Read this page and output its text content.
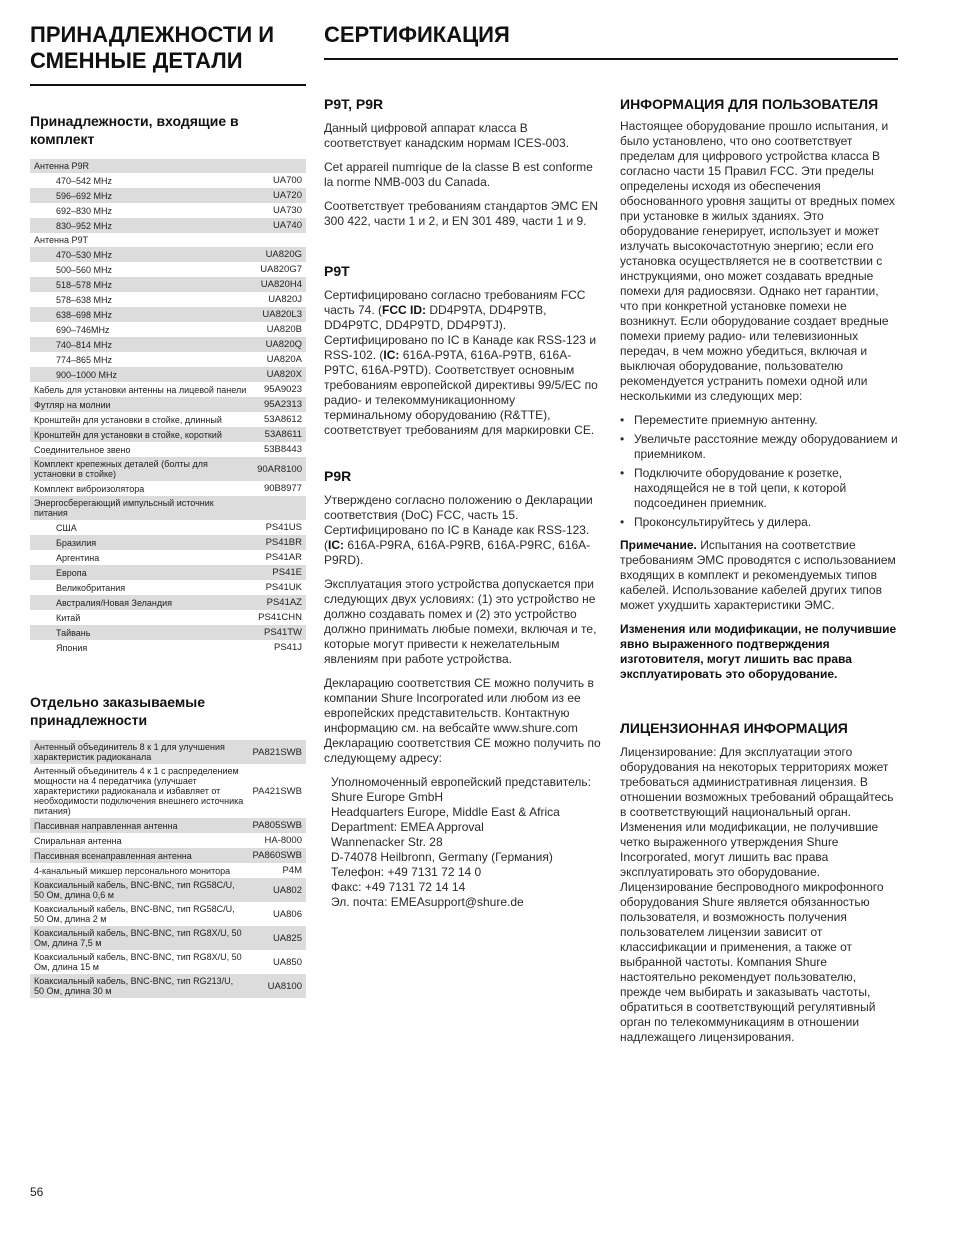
ПРИНАДЛЕЖНОСТИ И
СМЕННЫЕ ДЕТАЛИ
СЕРТИФИКАЦИЯ
Принадлежности, входящие в комплект
Антенна P9R	
470–542 MHz	UA700
596–692 MHz	UA720
692–830 MHz	UA730
830–952 MHz	UA740
Антенна P9T	
470–530 MHz	UA820G
500–560 MHz	UA820G7
518–578 MHz	UA820H4
578–638 MHz	UA820J
638–698 MHz	UA820L3
690–746MHz	UA820B
740–814 MHz	UA820Q
774–865 MHz	UA820A
900–1000 MHz	UA820X
Кабель для установки антенны на лицевой панели	95A9023
Футляр на молнии	95A2313
Кронштейн для установки в стойке, длинный	53A8612
Кронштейн для установки в стойке, короткий	53A8611
Соединительное звено	53B8443
Комплект крепежных деталей (болты для установки в стойке)	90AR8100
Комплект виброизолятора	90B8977
Энергосберегающий импульсный источник питания	
США	PS41US
Бразилия	PS41BR
Аргентина	PS41AR
Европа	PS41E
Великобритания	PS41UK
Австралия/Новая Зеландия	PS41AZ
Китай	PS41CHN
Тайвань	PS41TW
Япония	PS41J
Отдельно заказываемые принадлежности
Антенный объединитель 8 к 1 для улучшения характеристик радиоканала	PA821SWB
Антенный объединитель 4 к 1 с распределением мощности на 4 передатчика (улучшает характеристики радиоканала и избавляет от необходимости подключения внешнего источника питания)	PA421SWB
Пассивная направленная антенна	PA805SWB
Спиральная антенна	HA-8000
Пассивная всенаправленная антенна	PA860SWB
4-канальный микшер персонального мониторa	P4M
Коаксиальный кабель, BNC-BNC, тип RG58C/U, 50 Ом, длина 0,6 м	UA802
Коаксиальный кабель, BNC-BNC, тип RG58C/U, 50 Ом, длина 2 м	UA806
Коаксиальный кабель, BNC-BNC, тип RG8X/U, 50 Ом, длина 7,5 м	UA825
Коаксиальный кабель, BNC-BNC, тип RG8X/U, 50 Ом, длина 15 м	UA850
Коаксиальный кабель, BNC-BNC, тип RG213/U, 50 Ом, длина 30 м	UA8100
P9T, P9R

Данный цифровой аппарат класса B соответствует канадским нормам ICES-003.

Cet appareil numrique de la classe B est conforme la norme NMB-003 du Canada.

Соответствует требованиям стандартов ЭМС EN 300 422, части 1 и 2, и EN 301 489, части 1 и 9.

P9T

Сертифицировано согласно требованиям FCC часть 74. (FCC ID: DD4P9TA, DD4P9TB, DD4P9TC, DD4P9TD, DD4P9TJ). Сертифицировано по IC в Канаде как RSS-123 и RSS-102. (IC: 616A-P9TA, 616A-P9TB, 616A-P9TC, 616A-P9TD). Соответствует основным требованиям европейской директивы 99/5/EC по радио- и телекоммуникационному терминальному оборудованию (R&TTE), соответствует требованиям для маркировки CE.

P9R

Утверждено согласно положению о Декларации соответствия (DoC) FCC, часть 15. Сертифицировано по IC в Канаде как RSS-123. (IC: 616A-P9RA, 616A-P9RB, 616A-P9RC, 616A-P9RD).

Эксплуатация этого устройства допускается при следующих двух условиях: (1) это устройство не должно создавать помех и (2) это устройство должно принимать любые помехи, включая и те, которые могут привести к нежелательным явлениям при работе устройства.

Декларацию соответствия CE можно получить в компании Shure Incorporated или любом из ее европейских представительств. Контактную информацию см. на вебсайте www.shure.com Декларацию соответствия CE можно получить по следующему адресу:

Уполномоченный европейский представитель:
Shure Europe GmbH
Headquarters Europe, Middle East & Africa
Department: EMEA Approval
Wannenacker Str. 28
D-74078 Heilbronn, Germany (Германия)
Телефон: +49 7131 72 14 0
Факс: +49 7131 72 14 14
Эл. почта: EMEAsupport@shure.de
ИНФОРМАЦИЯ ДЛЯ ПОЛЬЗОВАТЕЛЯ

Настоящее оборудование прошло испытания, и было установлено, что оно соответствует пределам для цифрового устройства класса B согласно части 15 Правил FCC. Эти пределы определены исходя из обеспечения обоснованного уровня защиты от вредных помех при установке в жилых зданиях. Это оборудование генерирует, использует и может излучать высокочастотную энергию; если его установка осуществляется не в соответствии с инструкциями, оно может создавать вредные помехи для радиосвязи. Однако нет гарантии, что при конкретной установке помехи не возникнут. Если оборудование создает вредные помехи приему радио- или телевизионных передач, в чем можно убедиться, включая и выключая оборудование, пользователю рекомендуется устранить помехи одной или несколькими из следующих мер:

• Переместите приемную антенну.
• Увеличьте расстояние между оборудованием и приемником.
• Подключите оборудование к розетке, находящейся не в той цепи, к которой подсоединен приемник.
• Проконсультируйтесь у дилера.

Примечание. Испытания на соответствие требованиям ЭМС проводятся с использованием входящих в комплект и рекомендуемых типов кабелей. Использование кабелей других типов может ухудшить характеристики ЭМС.

Изменения или модификации, не получившие явно выраженного подтверждения изготовителя, могут лишить вас права эксплуатировать это оборудование.

ЛИЦЕНЗИОННАЯ ИНФОРМАЦИЯ

Лицензирование: Для эксплуатации этого оборудования на некоторых территориях может требоваться административная лицензия. В отношении возможных требований обращайтесь в соответствующий национальный орган. Изменения или модификации, не получившие четко выраженного утверждения Shure Incorporated, могут лишить вас права эксплуатировать это оборудование. Лицензирование беспроводного микрофонного оборудования Shure является обязанностью пользователя, и возможность получения пользователем лицензии зависит от классификации и применения, а также от выбранной частоты. Компания Shure настоятельно рекомендует пользователю, прежде чем выбирать и заказывать частоты, обратиться в соответствующий регулятивный орган по телекоммуникациям в отношении надлежащего лицензирования.

56
